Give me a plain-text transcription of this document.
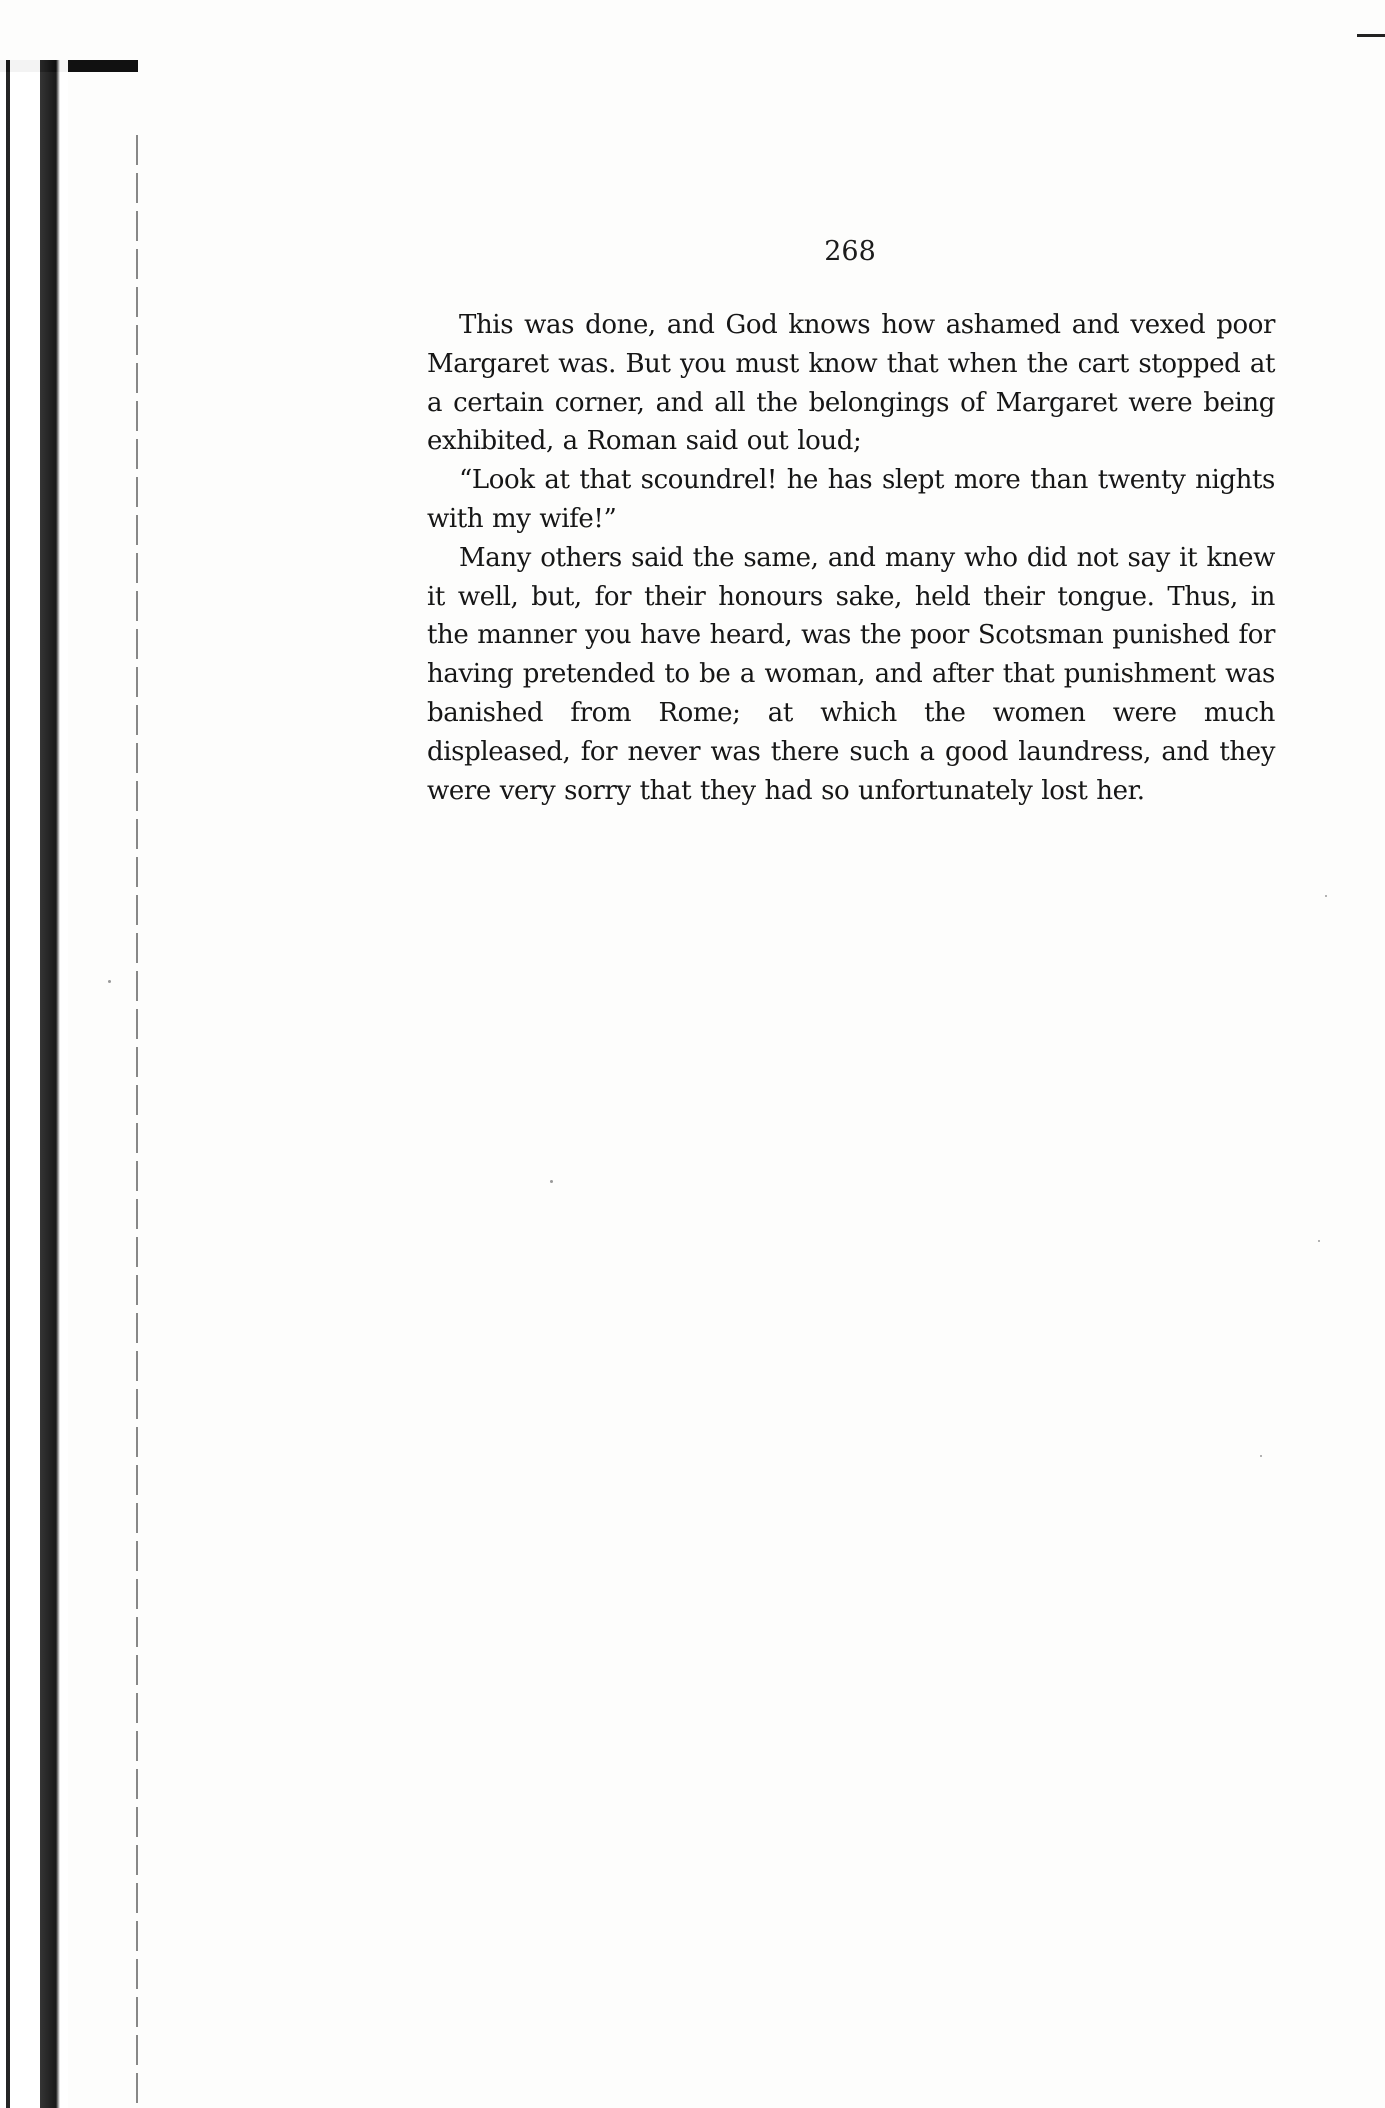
268

This was done, and God knows how ashamed and vexed poor Margaret was. But you must know that when the cart stopped at a certain corner, and all the belongings of Margaret were being exhibited, a Roman said out loud;

“Look at that scoundrel! he has slept more than twenty nights with my wife!”

Many others said the same, and many who did not say it knew it well, but, for their honours sake, held their tongue. Thus, in the manner you have heard, was the poor Scotsman punished for having pretended to be a woman, and after that punishment was banished from Rome; at which the women were much displeased, for never was there such a good laundress, and they were very sorry that they had so unfortunately lost her.
